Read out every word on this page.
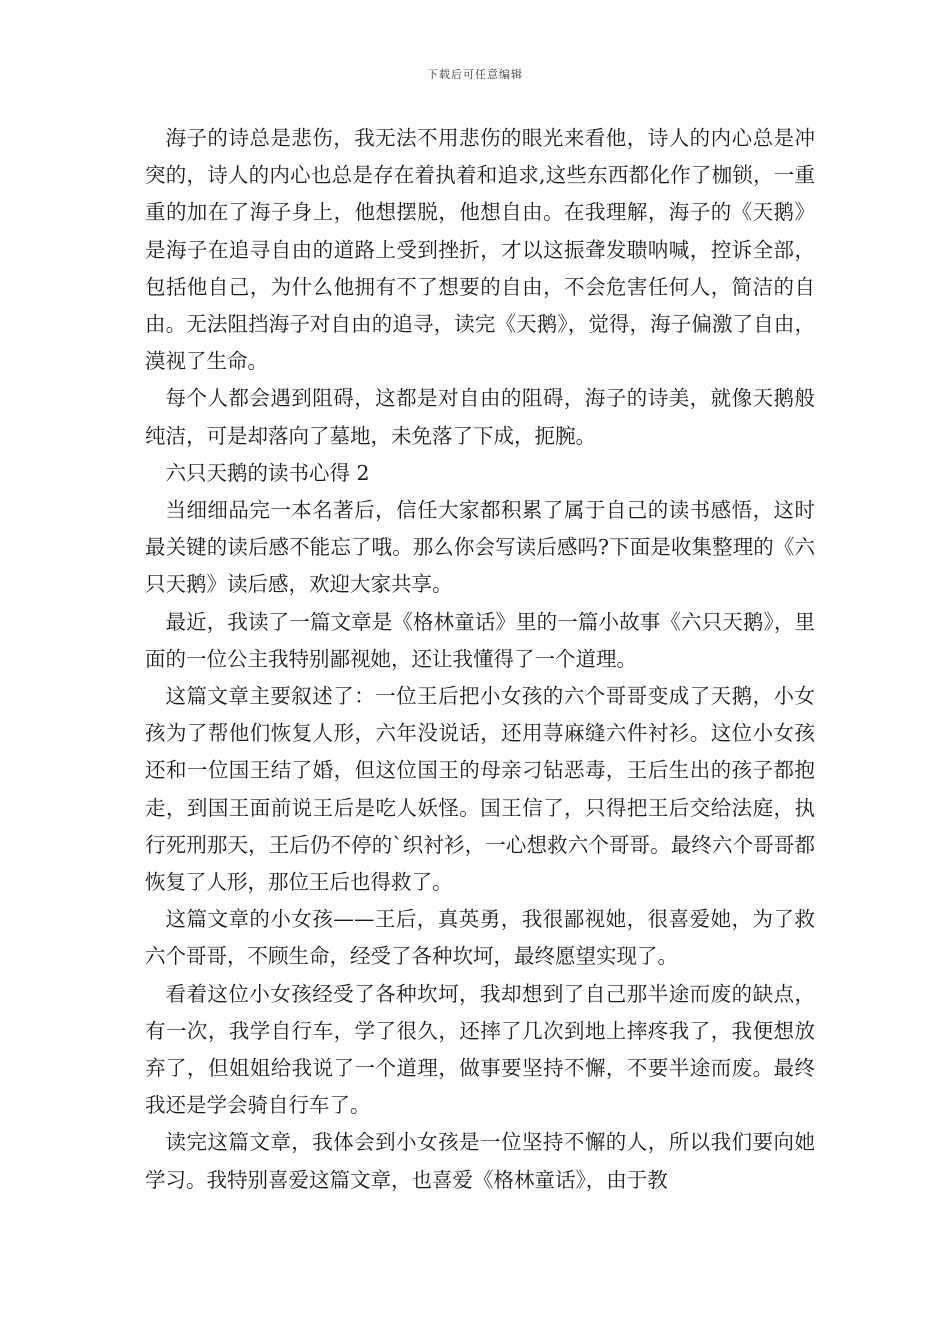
下载后可任意编辑

海子的诗总是悲伤，我无法不用悲伤的眼光来看他，诗人的内心总是冲突的，诗人的内心也总是存在着执着和追求,这些东西都化作了枷锁，一重重的加在了海子身上，他想摆脱，他想自由。在我理解，海子的《天鹅》是海子在追寻自由的道路上受到挫折，才以这振聋发聩呐喊，控诉全部，包括他自己，为什么他拥有不了想要的自由，不会危害任何人，简洁的自由。无法阻挡海子对自由的追寻，读完《天鹅》，觉得，海子偏激了自由，漠视了生命。

每个人都会遇到阻碍，这都是对自由的阻碍，海子的诗美，就像天鹅般纯洁，可是却落向了墓地，未免落了下成，扼腕。

六只天鹅的读书心得 2

当细细品完一本名著后，信任大家都积累了属于自己的读书感悟，这时最关键的读后感不能忘了哦。那么你会写读后感吗?下面是收集整理的《六只天鹅》读后感，欢迎大家共享。

最近，我读了一篇文章是《格林童话》里的一篇小故事《六只天鹅》，里面的一位公主我特别鄙视她，还让我懂得了一个道理。

这篇文章主要叙述了：一位王后把小女孩的六个哥哥变成了天鹅，小女孩为了帮他们恢复人形，六年没说话，还用荨麻缝六件衬衫。这位小女孩还和一位国王结了婚，但这位国王的母亲刁钻恶毒，王后生出的孩子都抱走，到国王面前说王后是吃人妖怪。国王信了，只得把王后交给法庭，执行死刑那天，王后仍不停的`织衬衫，一心想救六个哥哥。最终六个哥哥都恢复了人形，那位王后也得救了。

这篇文章的小女孩——王后，真英勇，我很鄙视她，很喜爱她，为了救六个哥哥，不顾生命，经受了各种坎坷，最终愿望实现了。

看着这位小女孩经受了各种坎坷，我却想到了自己那半途而废的缺点，有一次，我学自行车，学了很久，还摔了几次到地上摔疼我了，我便想放弃了，但姐姐给我说了一个道理，做事要坚持不懈，不要半途而废。最终我还是学会骑自行车了。

读完这篇文章，我体会到小女孩是一位坚持不懈的人，所以我们要向她学习。我特别喜爱这篇文章，也喜爱《格林童话》，由于教
